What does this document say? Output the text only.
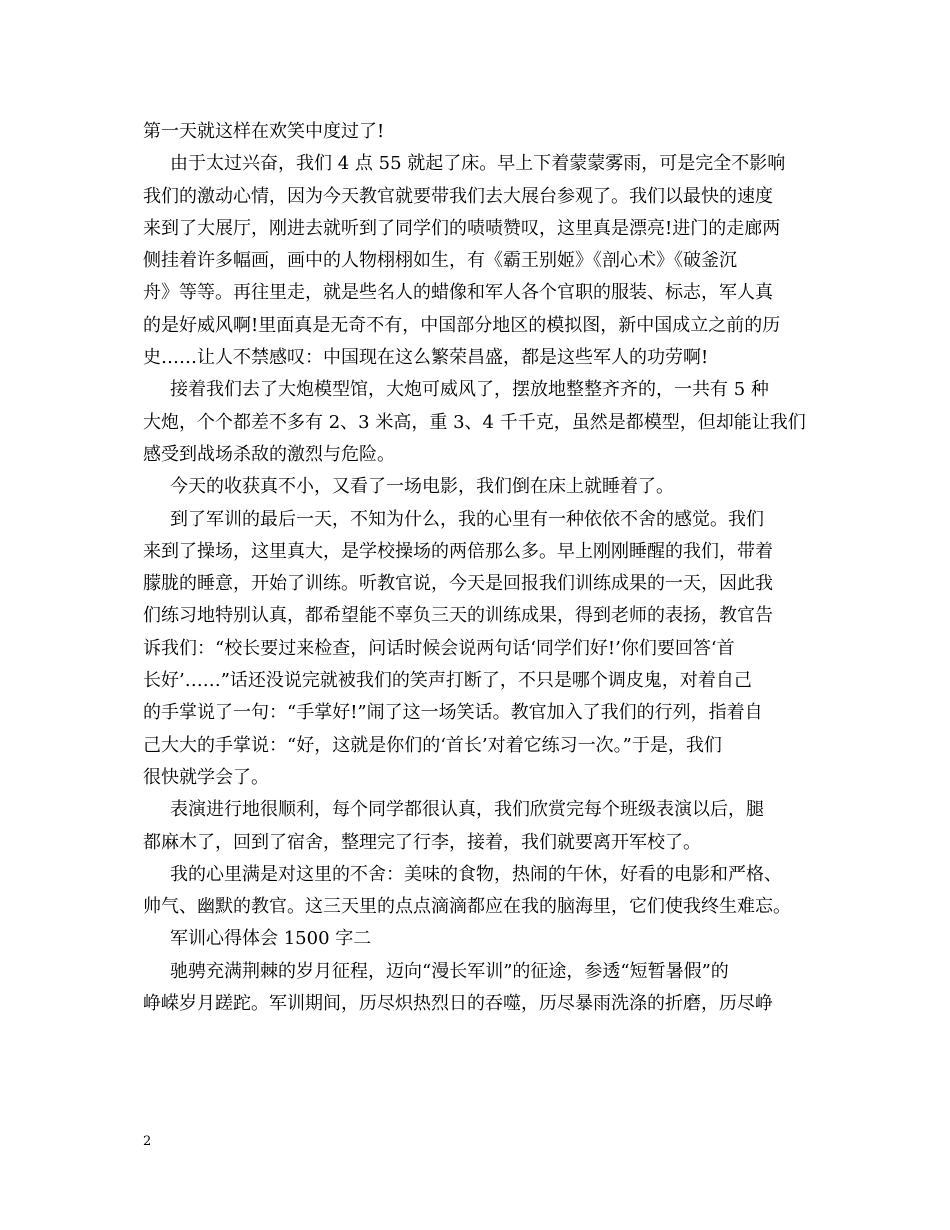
第一天就这样在欢笑中度过了!

由于太过兴奋，我们 4 点 55 就起了床。早上下着蒙蒙雾雨，可是完全不影响

我们的激动心情，因为今天教官就要带我们去大展台参观了。我们以最快的速度

来到了大展厅，刚进去就听到了同学们的啧啧赞叹，这里真是漂亮!进门的走廊两

侧挂着许多幅画，画中的人物栩栩如生，有《霸王别姬》《剖心术》《破釜沉

舟》等等。再往里走，就是些名人的蜡像和军人各个官职的服装、标志，军人真

的是好威风啊!里面真是无奇不有，中国部分地区的模拟图，新中国成立之前的历

史……让人不禁感叹：中国现在这么繁荣昌盛，都是这些军人的功劳啊!

接着我们去了大炮模型馆，大炮可威风了，摆放地整整齐齐的，一共有 5 种

大炮，个个都差不多有 2、3 米高，重 3、4 千千克，虽然是都模型，但却能让我们

感受到战场杀敌的激烈与危险。

今天的收获真不小，又看了一场电影，我们倒在床上就睡着了。

到了军训的最后一天，不知为什么，我的心里有一种依依不舍的感觉。我们

来到了操场，这里真大，是学校操场的两倍那么多。早上刚刚睡醒的我们，带着

朦胧的睡意，开始了训练。听教官说，今天是回报我们训练成果的一天，因此我

们练习地特别认真，都希望能不辜负三天的训练成果，得到老师的表扬，教官告

诉我们：“校长要过来检查，问话时候会说两句话‘同学们好!’你们要回答‘首

长好’……”话还没说完就被我们的笑声打断了，不只是哪个调皮鬼，对着自己

的手掌说了一句：“手掌好!”闹了这一场笑话。教官加入了我们的行列，指着自

己大大的手掌说：“好，这就是你们的‘首长’对着它练习一次。”于是，我们

很快就学会了。

表演进行地很顺利，每个同学都很认真，我们欣赏完每个班级表演以后，腿

都麻木了，回到了宿舍，整理完了行李，接着，我们就要离开军校了。

我的心里满是对这里的不舍：美味的食物，热闹的午休，好看的电影和严格、

帅气、幽默的教官。这三天里的点点滴滴都应在我的脑海里，它们使我终生难忘。

军训心得体会 1500 字二

驰骋充满荆棘的岁月征程，迈向“漫长军训”的征途，参透“短暂暑假”的

峥嵘岁月蹉跎。军训期间，历尽炽热烈日的吞噬，历尽暴雨洗涤的折磨，历尽峥

2
